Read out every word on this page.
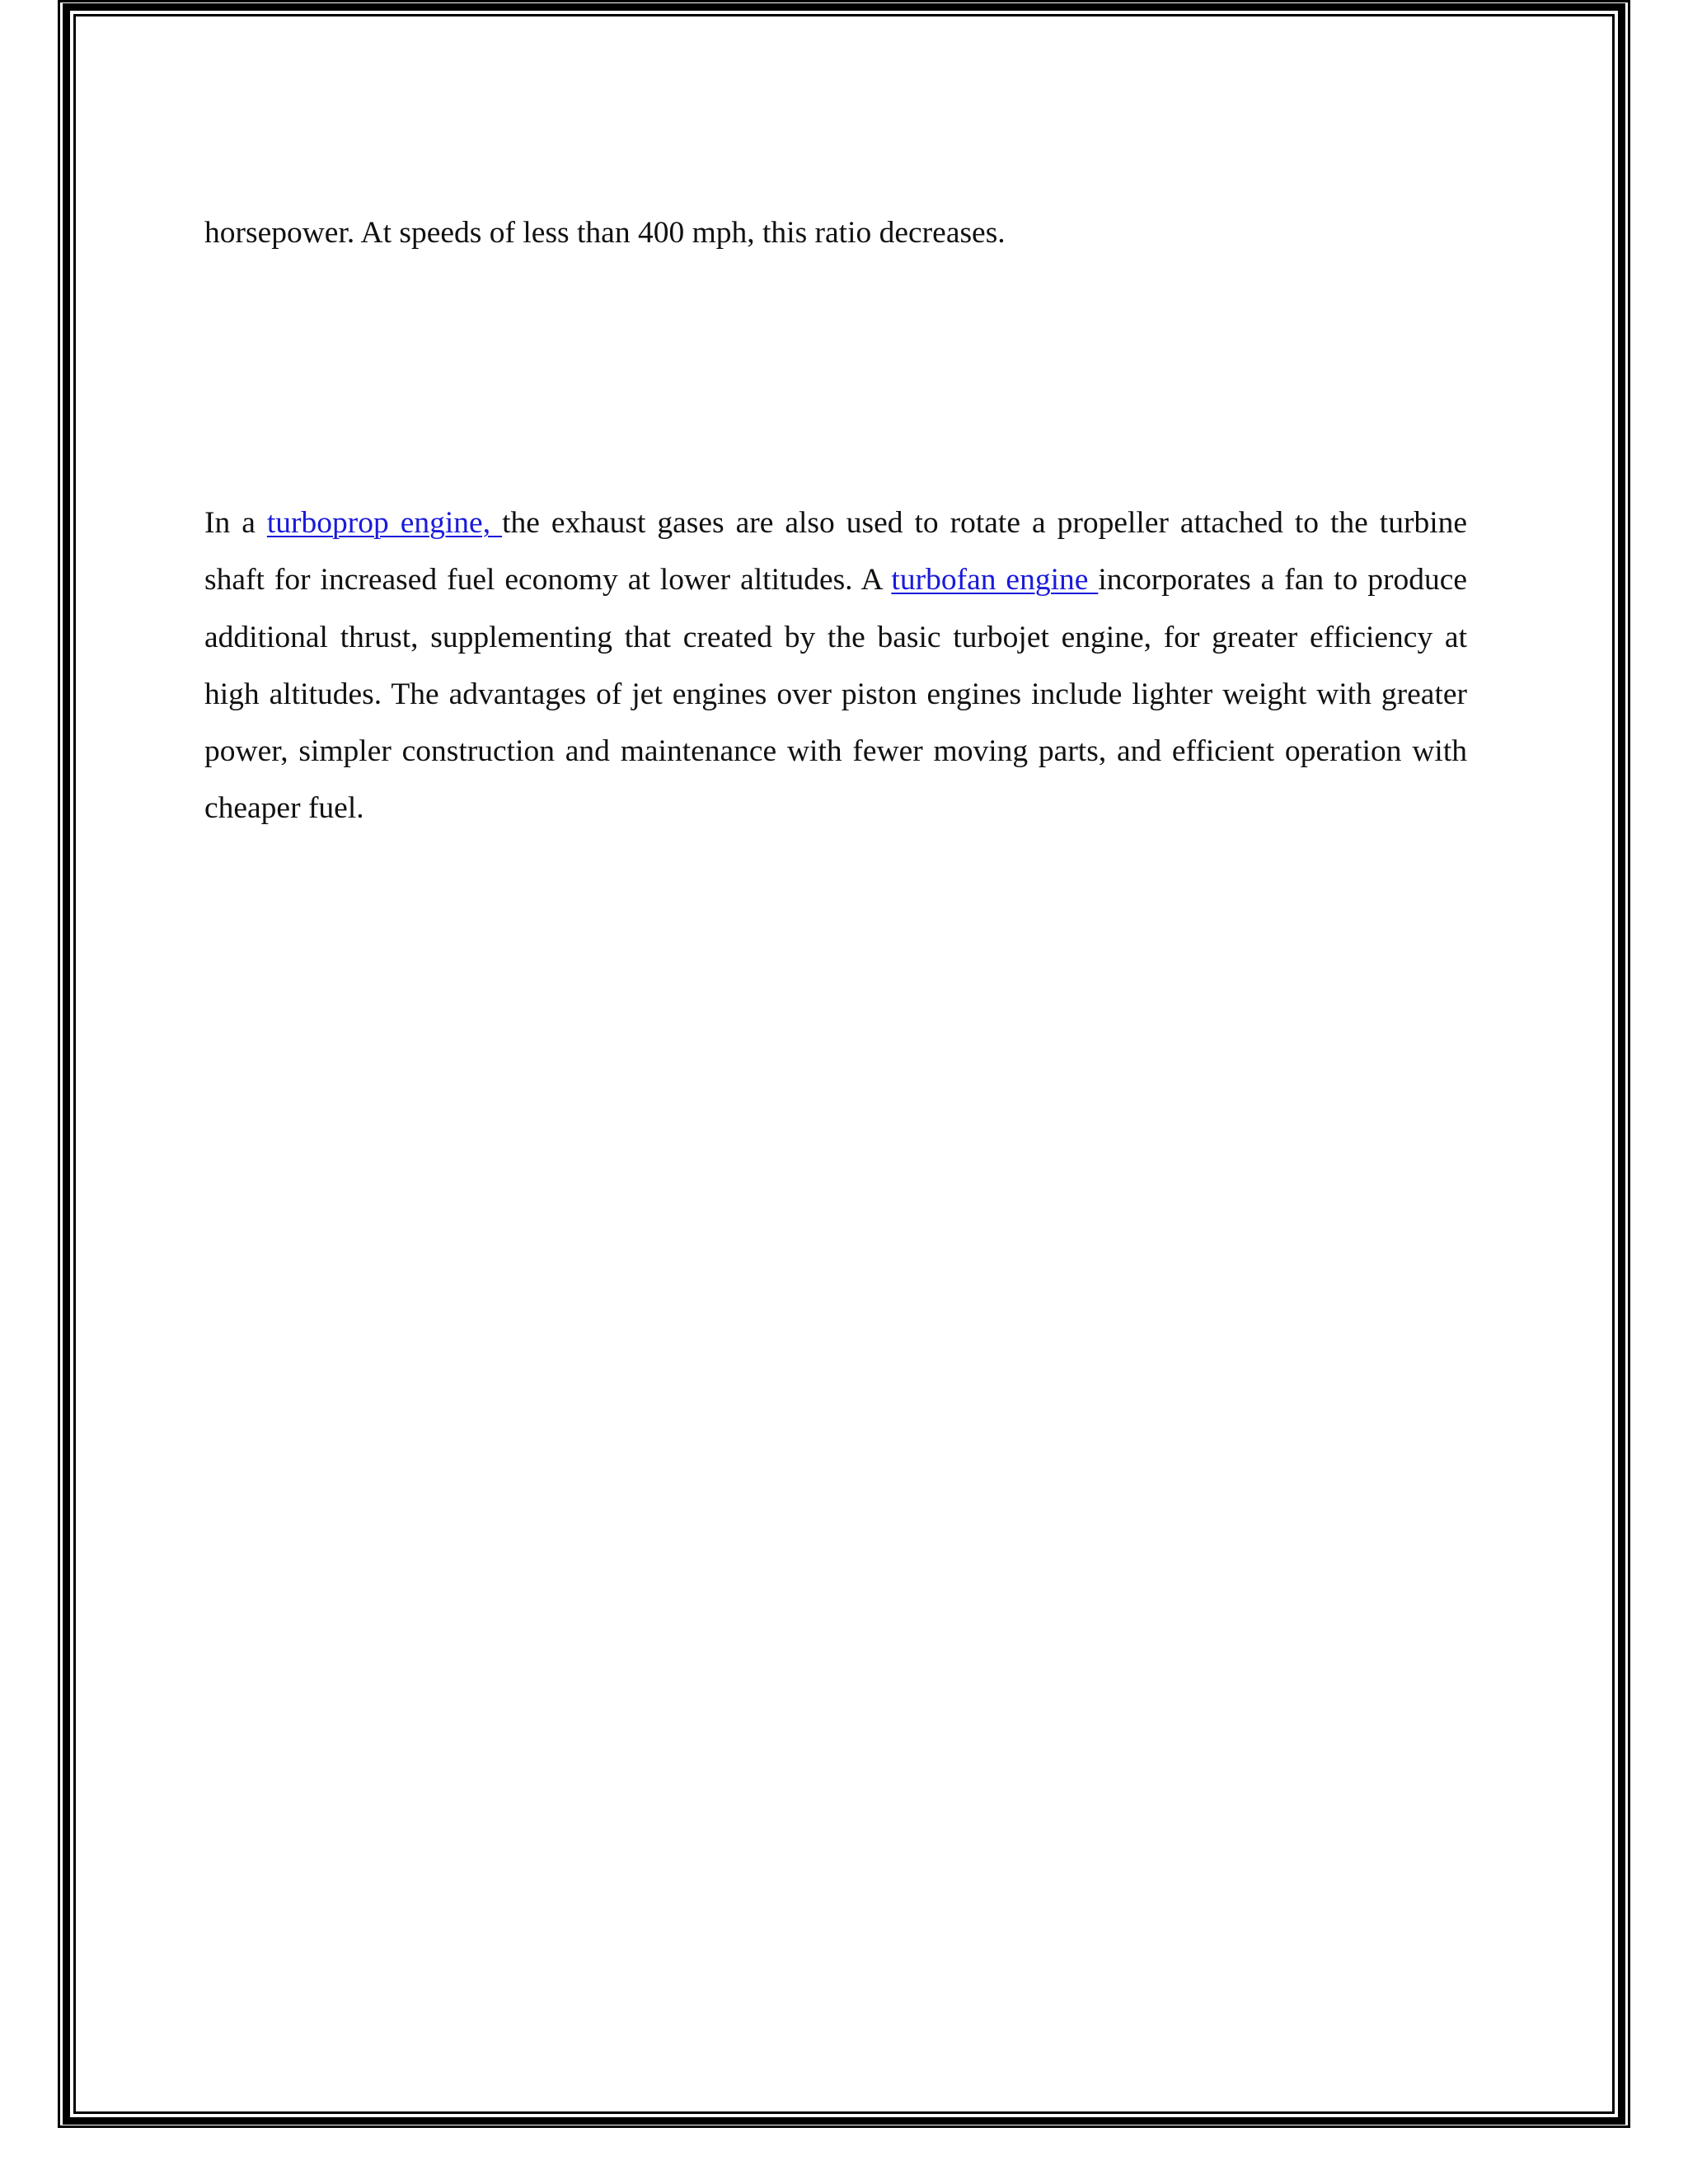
horsepower. At speeds of less than 400 mph, this ratio decreases.

In a turboprop engine, the exhaust gases are also used to rotate a propeller attached to the turbine shaft for increased fuel economy at lower altitudes. A turbofan engine incorporates a fan to produce additional thrust, supplementing that created by the basic turbojet engine, for greater efficiency at high altitudes. The advantages of jet engines over piston engines include lighter weight with greater power, simpler construction and maintenance with fewer moving parts, and efficient operation with cheaper fuel.
